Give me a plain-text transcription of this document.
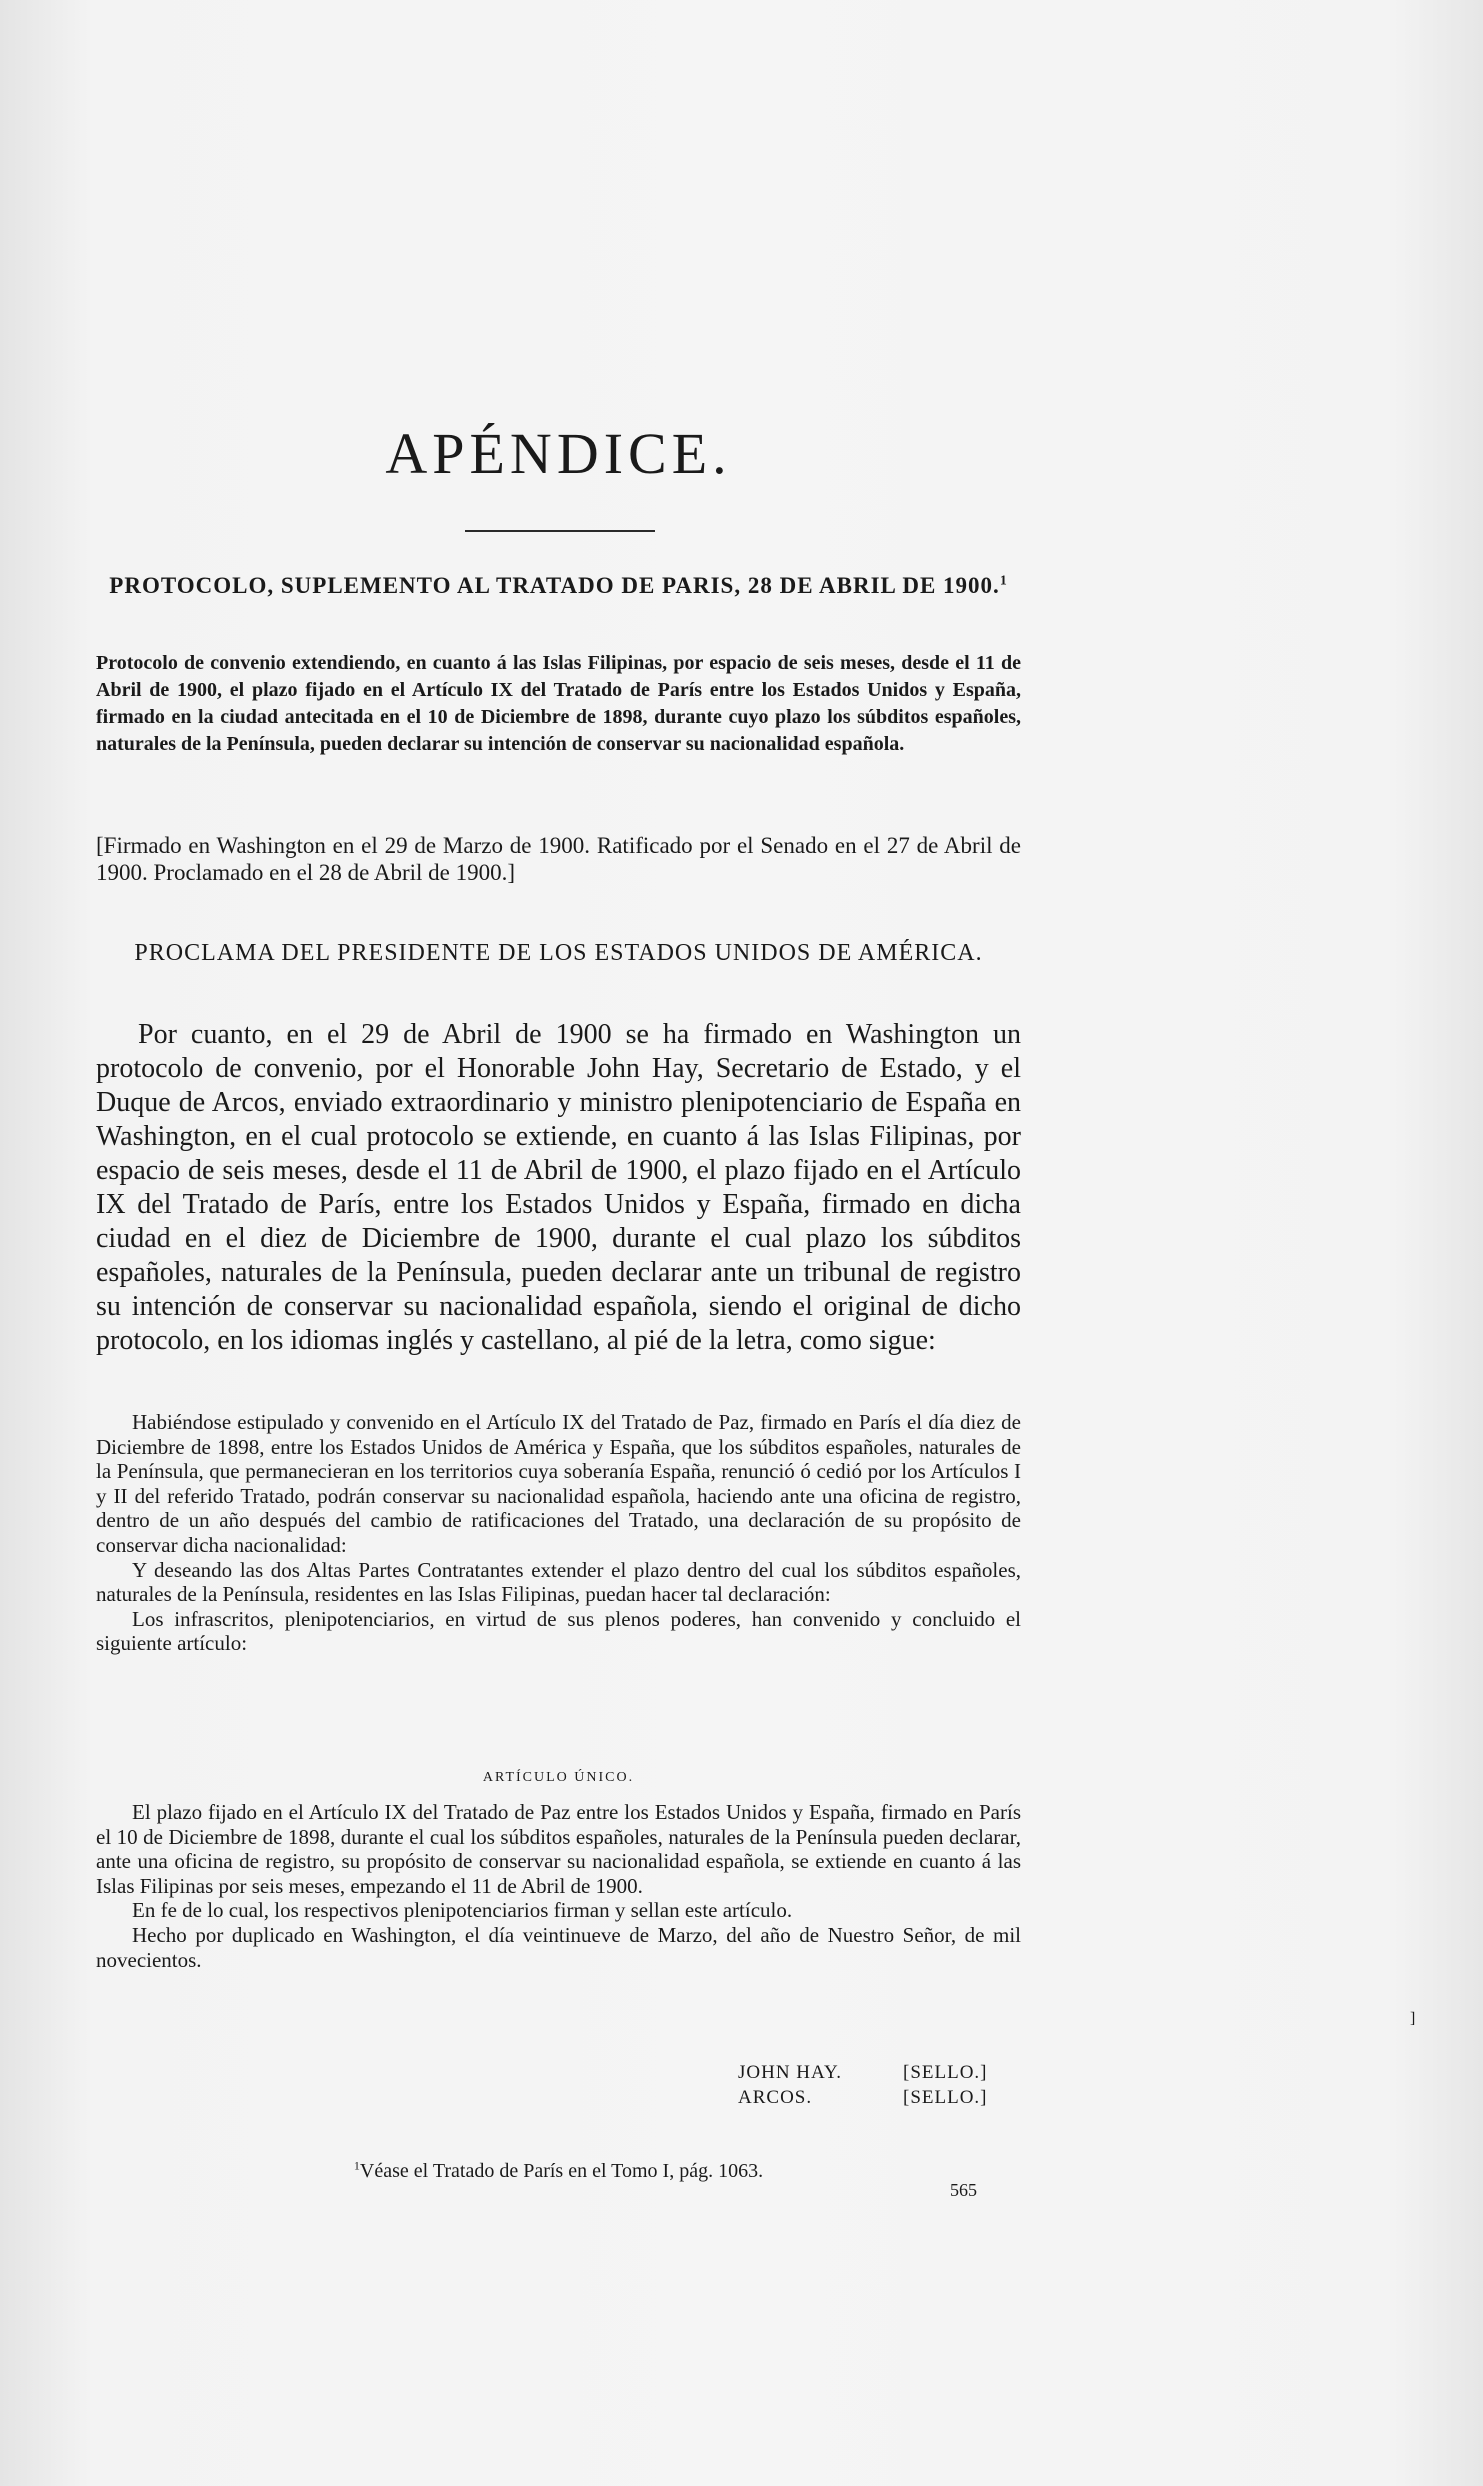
APÉNDICE.

PROTOCOLO, SUPLEMENTO AL TRATADO DE PARIS, 28 DE ABRIL DE 1900.$^1$

Protocolo de convenio extendiendo, en cuanto á las Islas Filipinas, por espacio de seis meses, desde el 11 de Abril de 1900, el plazo fijado en el Artículo IX del Tratado de París entre los Estados Unidos y España, firmado en la ciudad antecitada en el 10 de Diciembre de 1898, durante cuyo plazo los súbditos españoles, naturales de la Península, pueden declarar su intención de conservar su nacionalidad española.

[Firmado en Washington en el 29 de Marzo de 1900. Ratificado por el Senado en el 27 de Abril de 1900. Proclamado en el 28 de Abril de 1900.]

PROCLAMA DEL PRESIDENTE DE LOS ESTADOS UNIDOS DE AMÉRICA.

Por cuanto, en el 29 de Abril de 1900 se ha firmado en Washington un protocolo de convenio, por el Honorable John Hay, Secretario de Estado, y el Duque de Arcos, enviado extraordinario y ministro plenipotenciario de España en Washington, en el cual protocolo se extiende, en cuanto á las Islas Filipinas, por espacio de seis meses, desde el 11 de Abril de 1900, el plazo fijado en el Artículo IX del Tratado de París, entre los Estados Unidos y España, firmado en dicha ciudad en el diez de Diciembre de 1900, durante el cual plazo los súbditos españoles, naturales de la Península, pueden declarar ante un tribunal de registro su intención de conservar su nacionalidad española, siendo el original de dicho protocolo, en los idiomas inglés y castellano, al pié de la letra, como sigue:

Habiéndose estipulado y convenido en el Artículo IX del Tratado de Paz, firmado en París el día diez de Diciembre de 1898, entre los Estados Unidos de América y España, que los súbditos españoles, naturales de la Península, que permanecieran en los territorios cuya soberanía España, renunció ó cedió por los Artículos I y II del referido Tratado, podrán conservar su nacionalidad española, haciendo ante una oficina de registro, dentro de un año después del cambio de ratificaciones del Tratado, una declaración de su propósito de conservar dicha nacionalidad:

Y deseando las dos Altas Partes Contratantes extender el plazo dentro del cual los súbditos españoles, naturales de la Península, residentes en las Islas Filipinas, puedan hacer tal declaración:

Los infrascritos, plenipotenciarios, en virtud de sus plenos poderes, han convenido y concluido el siguiente artículo:

ARTÍCULO ÚNICO.

El plazo fijado en el Artículo IX del Tratado de Paz entre los Estados Unidos y España, firmado en París el 10 de Diciembre de 1898, durante el cual los súbditos españoles, naturales de la Península pueden declarar, ante una oficina de registro, su propósito de conservar su nacionalidad española, se extiende en cuanto á las Islas Filipinas por seis meses, empezando el 11 de Abril de 1900.

En fe de lo cual, los respectivos plenipotenciarios firman y sellan este artículo.

Hecho por duplicado en Washington, el día veintinueve de Marzo, del año de Nuestro Señor, de mil novecientos.

JOHN HAY.	[SELLO.]
ARCOS.	[SELLO.]

$^1$Véase el Tratado de París en el Tomo I, pág. 1063.

565
]
